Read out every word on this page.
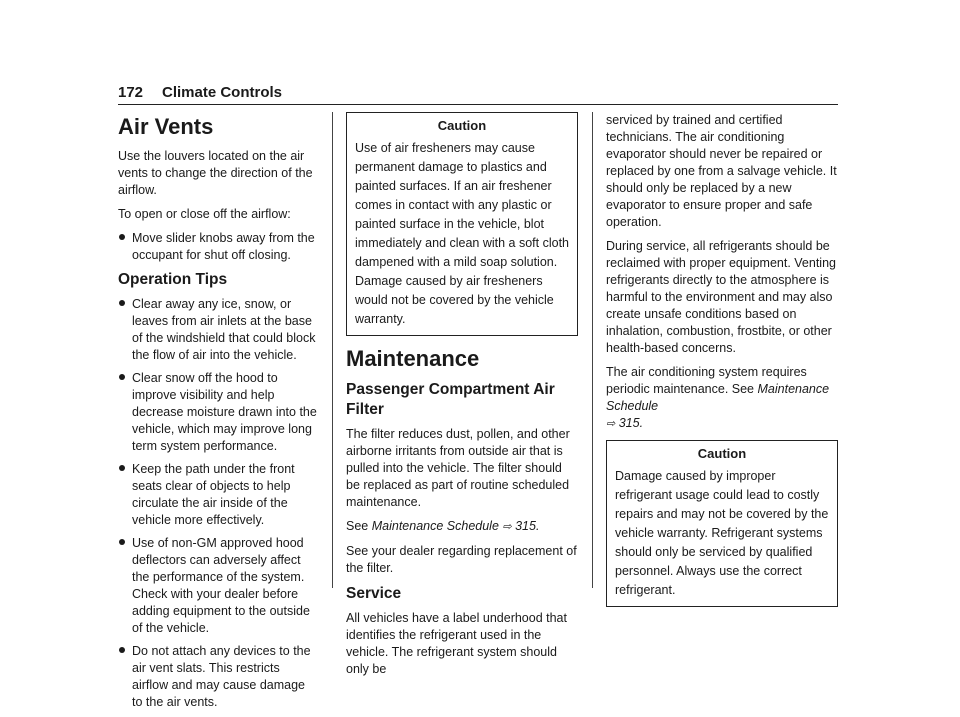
172 Climate Controls
Air Vents

Use the louvers located on the air vents to change the direction of the airflow.

To open or close off the airflow:

Move slider knobs away from the occupant for shut off closing.
Operation Tips
Clear away any ice, snow, or leaves from air inlets at the base of the windshield that could block the flow of air into the vehicle.
Clear snow off the hood to improve visibility and help decrease moisture drawn into the vehicle, which may improve long term system performance.
Keep the path under the front seats clear of objects to help circulate the air inside of the vehicle more effectively.
Use of non-GM approved hood deflectors can adversely affect the performance of the system. Check with your dealer before adding equipment to the outside of the vehicle.
Do not attach any devices to the air vent slats. This restricts airflow and may cause damage to the air vents.
Caution
Use of air fresheners may cause permanent damage to plastics and painted surfaces. If an air freshener comes in contact with any plastic or painted surface in the vehicle, blot immediately and clean with a soft cloth dampened with a mild soap solution. Damage caused by air fresheners would not be covered by the vehicle warranty.
Maintenance
Passenger Compartment Air Filter

The filter reduces dust, pollen, and other airborne irritants from outside air that is pulled into the vehicle. The filter should be replaced as part of routine scheduled maintenance.

See Maintenance Schedule ⇨ 315.

See your dealer regarding replacement of the filter.

Service

All vehicles have a label underhood that identifies the refrigerant used in the vehicle. The refrigerant system should only be

serviced by trained and certified technicians. The air conditioning evaporator should never be repaired or replaced by one from a salvage vehicle. It should only be replaced by a new evaporator to ensure proper and safe operation.

During service, all refrigerants should be reclaimed with proper equipment. Venting refrigerants directly to the atmosphere is harmful to the environment and may also create unsafe conditions based on inhalation, combustion, frostbite, or other health-based concerns.

The air conditioning system requires periodic maintenance. See Maintenance Schedule
⇨ 315.

Caution
Damage caused by improper refrigerant usage could lead to costly repairs and may not be covered by the vehicle warranty. Refrigerant systems should only be serviced by qualified personnel. Always use the correct refrigerant.
